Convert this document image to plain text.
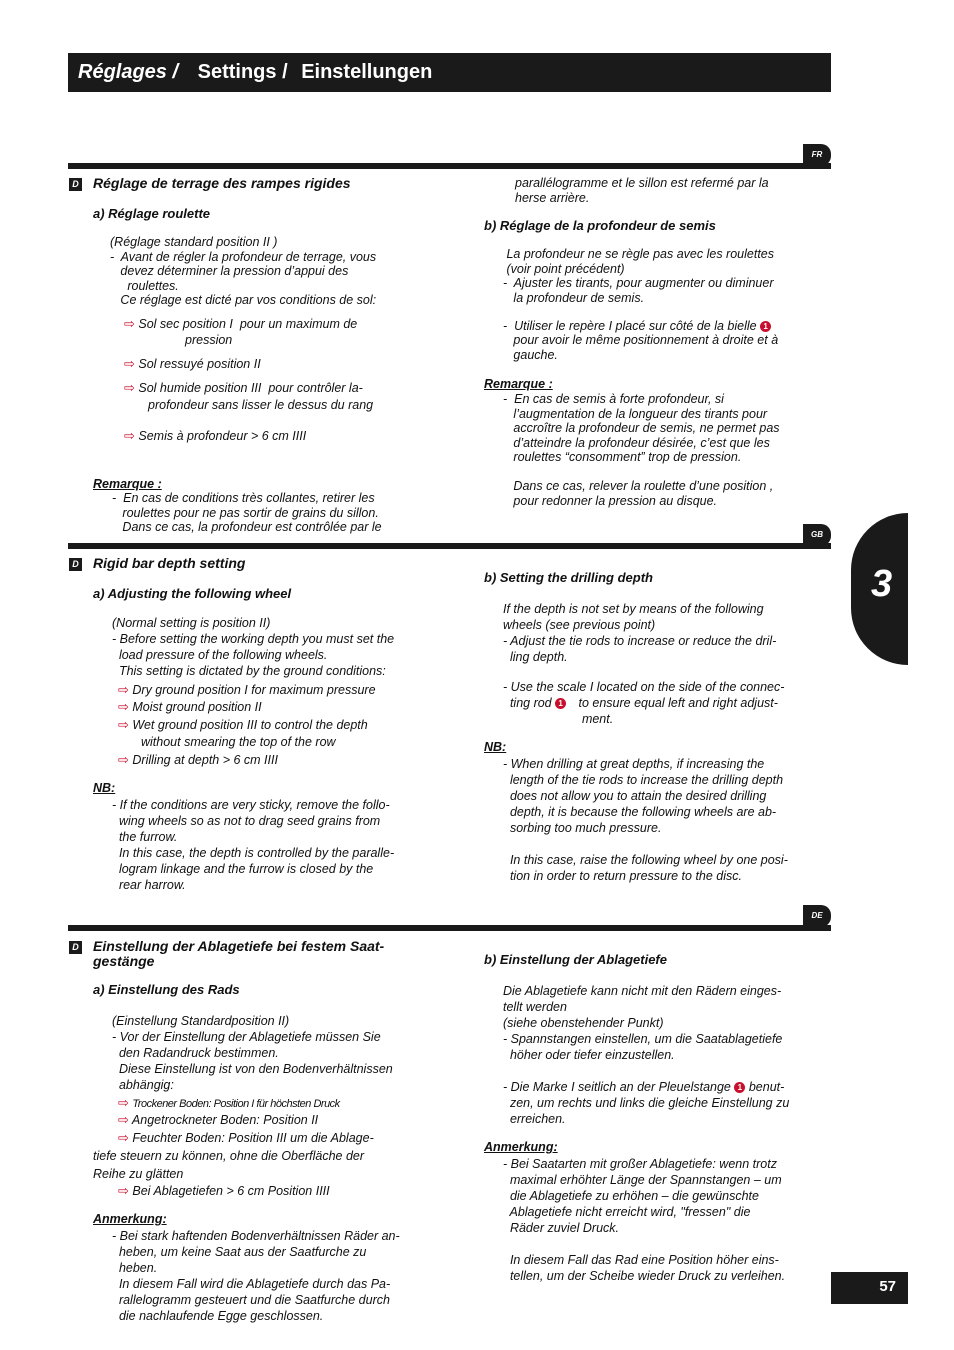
Réglages / Settings / Einstellungen
3
FR
D Réglage de terrage des rampes rigides
a) Réglage roulette
(Réglage standard position II )
-  Avant de régler la profondeur de terrage, vous
devez déterminer la pression d’appui des
roulettes.
Ce réglage est dicté par vos conditions de sol:
⇨ Sol sec position I  pour un maximum de
pression
⇨ Sol ressuyé position II
⇨ Sol humide position III  pour contrôler la-
profondeur sans lisser le dessus du rang
⇨ Semis à profondeur > 6 cm IIII
Remarque :
-  En cas de conditions très collantes, retirer les
roulettes pour ne pas sortir de grains du sillon.
Dans ce cas, la profondeur est contrôlée par le
parallélogramme et le sillon est refermé par la
herse arrière.
b) Réglage de la profondeur de semis
La profondeur ne se règle pas avec les roulettes
(voir point précédent)
-  Ajuster les tirants, pour augmenter ou diminuer
la profondeur de semis.
-  Utiliser le repère I placé sur côté de la bielle 1
pour avoir le même positionnement à droite et à
gauche.
Remarque :
-  En cas de semis à forte profondeur, si
l’augmentation de la longueur des tirants pour
accroître la profondeur de semis, ne permet pas
d’atteindre la profondeur désirée, c’est que les
roulettes “consomment” trop de pression.

Dans ce cas, relever la roulette d’une position ,
pour redonner la pression au disque.
GB
D Rigid bar depth setting
a) Adjusting the following wheel
(Normal setting is position II)
- Before setting the working depth you must set the
load pressure of the following wheels.
This setting is dictated by the ground conditions:
⇨ Dry ground position I for maximum pressure
⇨ Moist ground position II
⇨ Wet ground position III to control the depth
without smearing the top of the row
⇨ Drilling at depth > 6 cm IIII
NB:
- If the conditions are very sticky, remove the follo-
wing wheels so as not to drag seed grains from
the furrow.
In this case, the depth is controlled by the paralle-
logram linkage and the furrow is closed by the
rear harrow.
b) Setting the drilling depth
If the depth is not set by means of the following
wheels (see previous point)
- Adjust the tie rods to increase or reduce the dril-
ling depth.
- Use the scale I located on the side of the connec-
ting rod 1 to ensure equal left and right adjust-
ment.
NB:
- When drilling at great depths, if increasing the
length of the tie rods to increase the drilling depth
does not allow you to attain the desired drilling
depth, it is because the following wheels are ab-
sorbing too much pressure.

In this case, raise the following wheel by one posi-
tion in order to return pressure to the disc.
DE
D Einstellung der Ablagetiefe bei festem Saat-
gestänge
a) Einstellung des Rads
(Einstellung Standardposition II)
- Vor der Einstellung der Ablagetiefe müssen Sie
den Radandruck bestimmen.
Diese Einstellung ist von den Bodenverhältnissen
abhängig:
⇨ Trockener Boden: Position I für höchsten Druck
⇨ Angetrockneter Boden: Position II
⇨ Feuchter Boden: Position III um die Ablage-
tiefe steuern zu können, ohne die Oberfläche der
Reihe zu glätten
⇨ Bei Ablagetiefen > 6 cm Position IIII
Anmerkung:
- Bei stark haftenden Bodenverhältnissen Räder an-
heben, um keine Saat aus der Saatfurche zu
heben.
In diesem Fall wird die Ablagetiefe durch das Pa-
rallelogramm gesteuert und die Saatfurche durch
die nachlaufende Egge geschlossen.
b) Einstellung der Ablagetiefe
Die Ablagetiefe kann nicht mit den Rädern einges-
tellt werden
(siehe obenstehender Punkt)
- Spannstangen einstellen, um die Saatablagetiefe
höher oder tiefer einzustellen.
- Die Marke I seitlich an der Pleuelstange 1 benut-
zen, um rechts und links die gleiche Einstellung zu
erreichen.
Anmerkung:
- Bei Saatarten mit großer Ablagetiefe: wenn trotz
maximal erhöhter Länge der Spannstangen – um
die Ablagetiefe zu erhöhen – die gewünschte
Ablagetiefe nicht erreicht wird, "fressen" die
Räder zuviel Druck.

In diesem Fall das Rad eine Position höher eins-
tellen, um der Scheibe wieder Druck zu verleihen.
57
